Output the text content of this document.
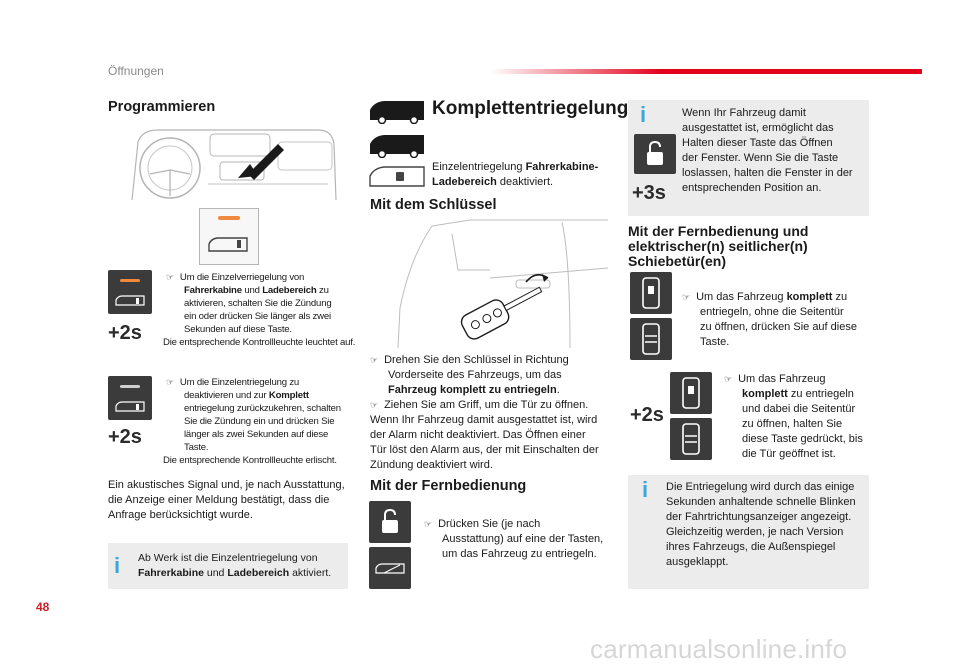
Öffnungen
48
carmanualsonline.info
Programmieren
+2s
☞ Um die Einzelverriegelung von
Fahrerkabine und Ladebereich zu
aktivieren, schalten Sie die Zündung
ein oder drücken Sie länger als zwei
Sekunden auf diese Taste.
Die entsprechende Kontrollleuchte leuchtet auf.
+2s
☞ Um die Einzelentriegelung zu
deaktivieren und zur Komplett
entriegelung zurückzukehren, schalten
Sie die Zündung ein und drücken Sie
länger als zwei Sekunden auf diese
Taste.
Die entsprechende Kontrollleuchte erlischt.
Ein akustisches Signal und, je nach Ausstattung,
die Anzeige einer Meldung bestätigt, dass die
Anfrage berücksichtigt wurde.
i Ab Werk ist die Einzelentriegelung von
Fahrerkabine und Ladebereich aktiviert.
Komplettentriegelung
Einzelentriegelung Fahrerkabine-
Ladebereich deaktiviert.
Mit dem Schlüssel
☞ Drehen Sie den Schlüssel in Richtung
Vorderseite des Fahrzeugs, um das
Fahrzeug komplett zu entriegeln.
☞ Ziehen Sie am Griff, um die Tür zu öffnen.
Wenn Ihr Fahrzeug damit ausgestattet ist, wird
der Alarm nicht deaktiviert. Das Öffnen einer
Tür löst den Alarm aus, der mit Einschalten der
Zündung deaktiviert wird.
Mit der Fernbedienung
☞ Drücken Sie (je nach
Ausstattung) auf eine der Tasten,
um das Fahrzeug zu entriegeln.
i
+3s
Wenn Ihr Fahrzeug damit
ausgestattet ist, ermöglicht das
Halten dieser Taste das Öffnen
der Fenster. Wenn Sie die Taste
loslassen, halten die Fenster in der
entsprechenden Position an.
Mit der Fernbedienung und
elektrischer(n) seitlicher(n)
Schiebetür(en)
☞ Um das Fahrzeug komplett zu
entriegeln, ohne die Seitentür
zu öffnen, drücken Sie auf diese
Taste.
+2s
☞ Um das Fahrzeug
komplett zu entriegeln
und dabei die Seitentür
zu öffnen, halten Sie
diese Taste gedrückt, bis
die Tür geöffnet ist.
i Die Entriegelung wird durch das einige
Sekunden anhaltende schnelle Blinken
der Fahrtrichtungsanzeiger angezeigt.
Gleichzeitig werden, je nach Version
ihres Fahrzeugs, die Außenspiegel
ausgeklappt.
